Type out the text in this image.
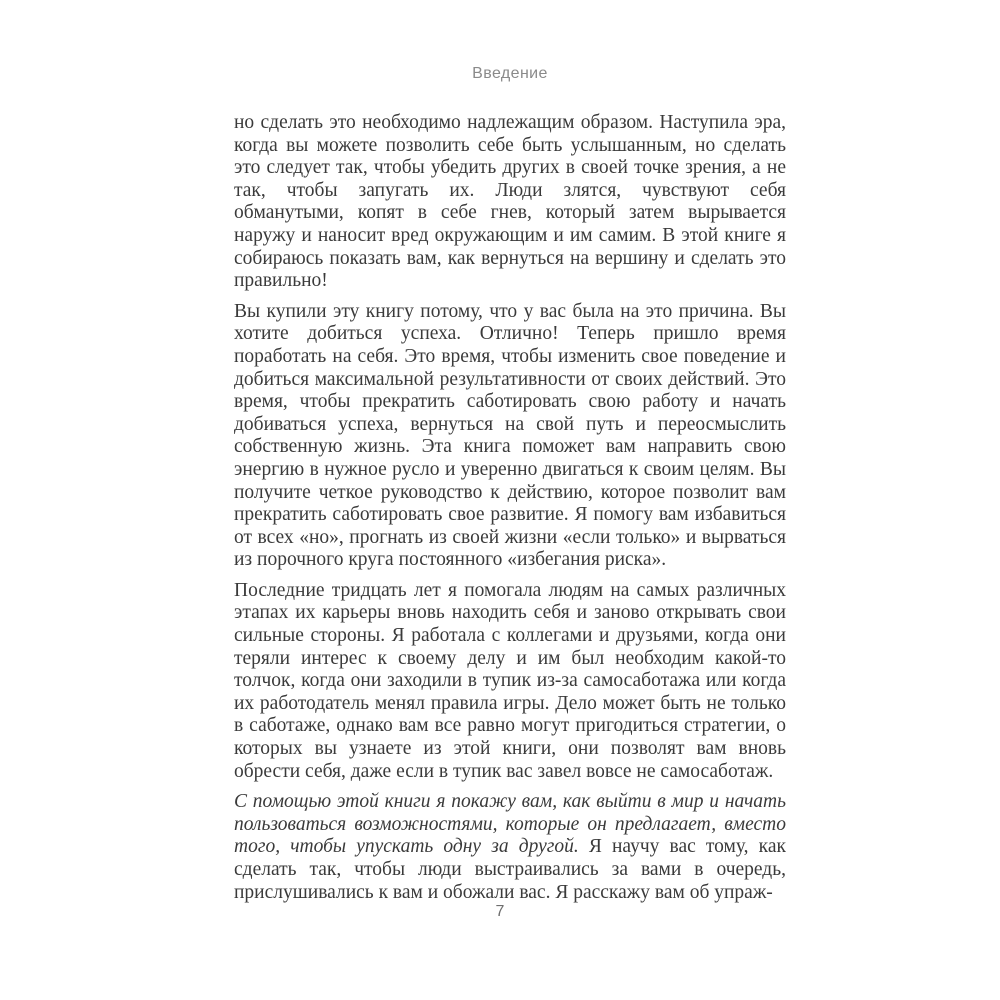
Введение

но сделать это необходимо надлежащим образом. Наступила эра, когда вы можете позволить себе быть услышанным, но сделать это следует так, чтобы убедить других в своей точке зрения, а не так, чтобы запугать их. Люди злятся, чувствуют себя обманутыми, копят в себе гнев, который затем вырывается наружу и наносит вред окружающим и им самим. В этой книге я собираюсь показать вам, как вернуться на вершину и сделать это правильно!

Вы купили эту книгу потому, что у вас была на это причина. Вы хотите добиться успеха. Отлично! Теперь пришло время поработать на себя. Это время, чтобы изменить свое поведение и добиться максимальной результативности от своих действий. Это время, чтобы прекратить саботировать свою работу и начать добиваться успеха, вернуться на свой путь и переосмыслить собственную жизнь. Эта книга поможет вам направить свою энергию в нужное русло и уверенно двигаться к своим целям. Вы получите четкое руководство к действию, которое позволит вам прекратить саботировать свое развитие. Я помогу вам избавиться от всех «но», прогнать из своей жизни «если только» и вырваться из порочного круга постоянного «избегания риска».

Последние тридцать лет я помогала людям на самых различных этапах их карьеры вновь находить себя и заново открывать свои сильные стороны. Я работала с коллегами и друзьями, когда они теряли интерес к своему делу и им был необходим какой-то толчок, когда они заходили в тупик из-за самосаботажа или когда их работодатель менял правила игры. Дело может быть не только в саботаже, однако вам все равно могут пригодиться стратегии, о которых вы узнаете из этой книги, они позволят вам вновь обрести себя, даже если в тупик вас завел вовсе не самосаботаж.

С помощью этой книги я покажу вам, как выйти в мир и начать пользоваться возможностями, которые он предлагает, вместо того, чтобы упускать одну за другой. Я научу вас тому, как сделать так, чтобы люди выстраивались за вами в очередь, прислушивались к вам и обожали вас. Я расскажу вам об упраж-

7
